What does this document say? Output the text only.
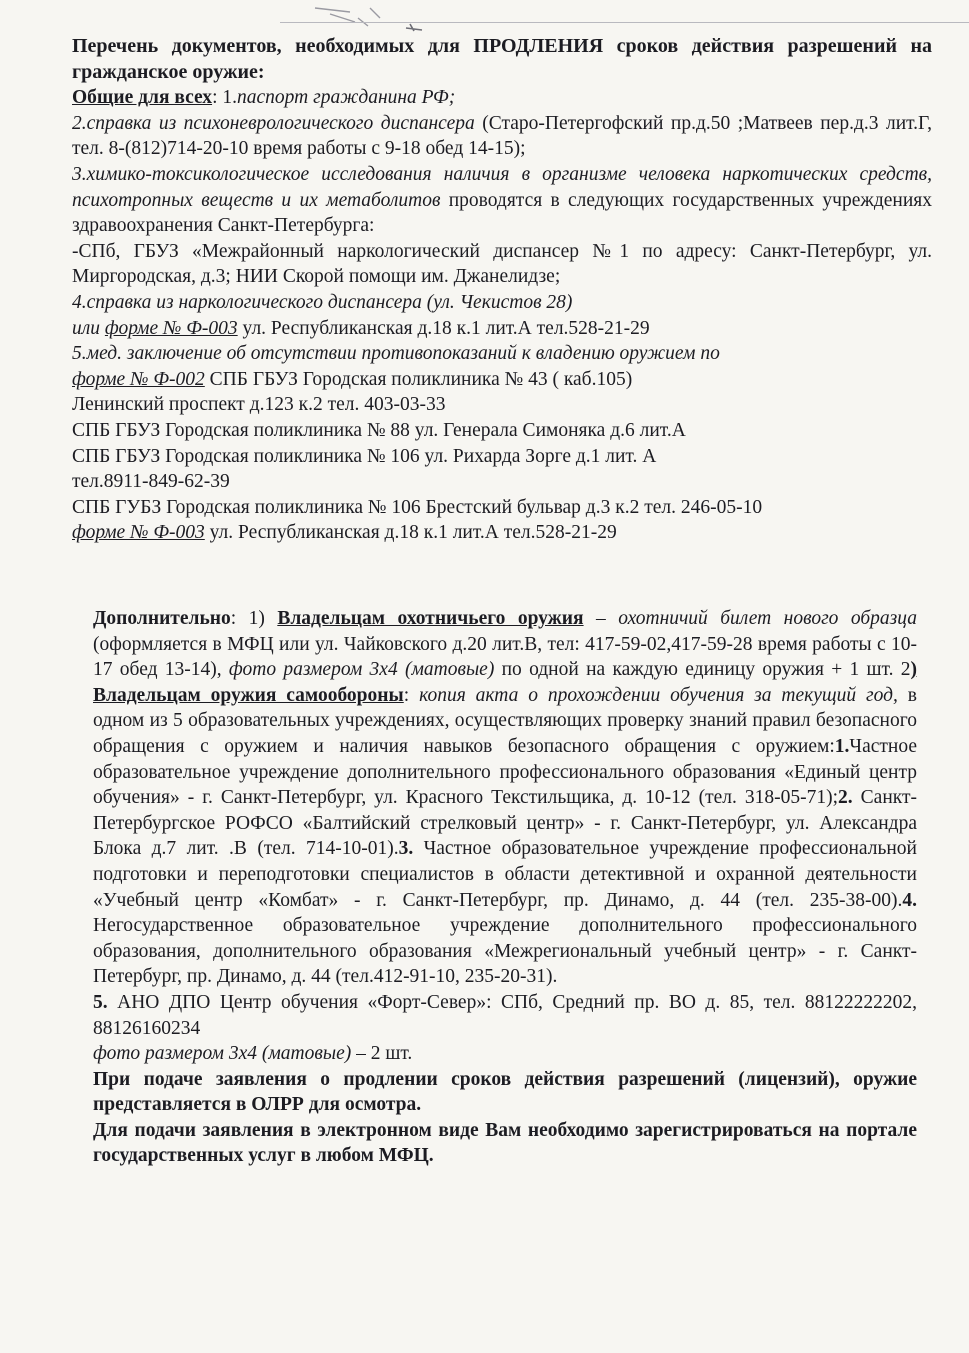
Перечень документов, необходимых для ПРОДЛЕНИЯ сроков действия разрешений на гражданское оружие:

Общие для всех: 1.паспорт гражданина РФ;

2.справка из психоневрологического диспансера (Старо-Петергофский пр.д.50 ;Матвеев пер.д.3 лит.Г, тел. 8-(812)714-20-10 время работы с 9-18 обед 14-15);

3.химико-токсикологическое исследования наличия в организме человека наркотических средств, психотропных веществ и их метаболитов проводятся в следующих государственных учреждениях здравоохранения Санкт-Петербурга:

-СПб, ГБУЗ «Межрайонный наркологический диспансер №1 по адресу: Санкт-Петербург, ул. Миргородская, д.3; НИИ Скорой помощи им. Джанелидзе;

4.справка из наркологического диспансера (ул. Чекистов 28)

или форме № Ф-003 ул. Республиканская д.18 к.1 лит.А тел.528-21-29

5.мед. заключение об отсутствии противопоказаний к владению оружием по

форме № Ф-002 СПБ ГБУЗ Городская поликлиника № 43 ( каб.105)

Ленинский проспект д.123 к.2 тел. 403-03-33

СПБ ГБУЗ Городская поликлиника № 88 ул. Генерала Симоняка д.6 лит.А

СПБ ГБУЗ Городская поликлиника № 106 ул. Рихарда Зорге д.1 лит. А

тел.8911-849-62-39

СПБ ГУБЗ Городская поликлиника № 106 Брестский бульвар д.3 к.2 тел. 246-05-10

форме № Ф-003 ул. Республиканская д.18 к.1 лит.А тел.528-21-29

Дополнительно: 1) Владельцам охотничьего оружия – охотничий билет нового образца (оформляется в МФЦ или ул. Чайковского д.20 лит.В, тел: 417-59-02,417-59-28 время работы с 10-17 обед 13-14), фото размером 3х4 (матовые) по одной на каждую единицу оружия + 1 шт. 2) Владельцам оружия самообороны: копия акта о прохождении обучения за текущий год, в одном из 5 образовательных учреждениях, осуществляющих проверку знаний правил безопасного обращения с оружием и наличия навыков безопасного обращения с оружием:1.Частное образовательное учреждение дополнительного профессионального образования «Единый центр обучения» - г. Санкт-Петербург, ул. Красного Текстильщика, д. 10-12 (тел. 318-05-71);2. Санкт-Петербургское РОФСО «Балтийский стрелковый центр» - г. Санкт-Петербург, ул. Александра Блока д.7 лит. .В (тел. 714-10-01).3. Частное образовательное учреждение профессиональной подготовки и переподготовки специалистов в области детективной и охранной деятельности «Учебный центр «Комбат» - г. Санкт-Петербург, пр. Динамо, д. 44 (тел. 235-38-00).4. Негосударственное образовательное учреждение дополнительного профессионального образования, дополнительного образования «Межрегиональный учебный центр» - г. Санкт-Петербург, пр. Динамо, д. 44 (тел.412-91-10, 235-20-31).

5. АНО ДПО Центр обучения «Форт-Север»: СПб, Средний пр. ВО д. 85, тел. 88122222202, 88126160234

фото размером 3х4 (матовые) – 2 шт.

При подаче заявления о продлении сроков действия разрешений (лицензий), оружие представляется в ОЛРР для осмотра.

Для подачи заявления в электронном виде Вам необходимо зарегистрироваться на портале государственных услуг в любом МФЦ.
